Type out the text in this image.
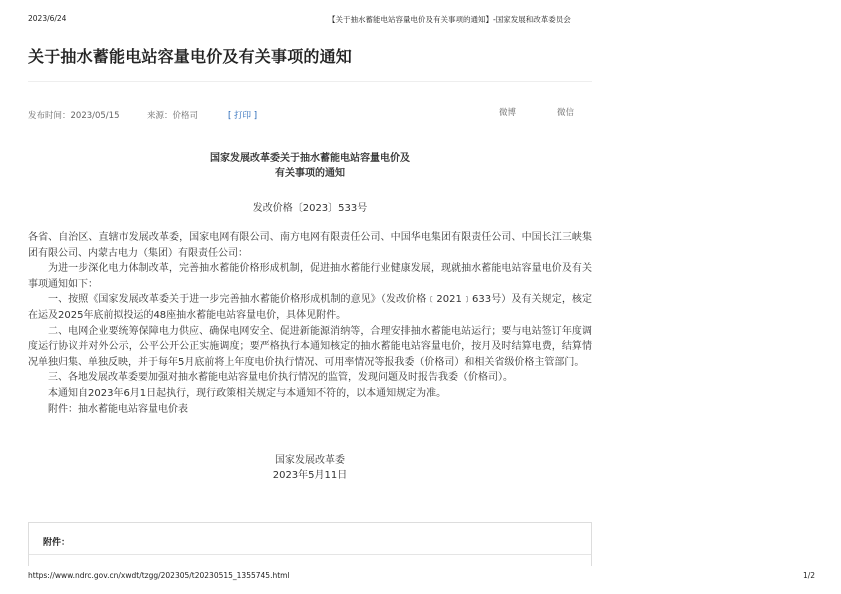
2023/6/24	【关于抽水蓄能电站容量电价及有关事项的通知】-国家发展和改革委员会
关于抽水蓄能电站容量电价及有关事项的通知
发布时间：2023/05/15	来源：价格司	[ 打印 ]	微博	微信
国家发展改革委关于抽水蓄能电站容量电价及
有关事项的通知
发改价格〔2023〕533号

各省、自治区、直辖市发展改革委，国家电网有限公司、南方电网有限责任公司、中国华电集团有限责任公司、中国长江三峡集团有限公司、内蒙古电力（集团）有限责任公司：

为进一步深化电力体制改革，完善抽水蓄能价格形成机制，促进抽水蓄能行业健康发展，现就抽水蓄能电站容量电价及有关事项通知如下：

一、按照《国家发展改革委关于进一步完善抽水蓄能价格形成机制的意见》（发改价格﹝2021﹞633号）及有关规定，核定在运及2025年底前拟投运的48座抽水蓄能电站容量电价，具体见附件。

二、电网企业要统筹保障电力供应、确保电网安全、促进新能源消纳等，合理安排抽水蓄能电站运行；要与电站签订年度调度运行协议并对外公示，公平公开公正实施调度；要严格执行本通知核定的抽水蓄能电站容量电价，按月及时结算电费，结算情况单独归集、单独反映，并于每年5月底前将上年度电价执行情况、可用率情况等报我委（价格司）和相关省级价格主管部门。

三、各地发展改革委要加强对抽水蓄能电站容量电价执行情况的监管，发现问题及时报告我委（价格司）。

本通知自2023年6月1日起执行，现行政策相关规定与本通知不符的，以本通知规定为准。

附件：抽水蓄能电站容量电价表

国家发展改革委
2023年5月11日
附件：
https://www.ndrc.gov.cn/xwdt/tzgg/202305/t20230515_1355745.html	1/2
